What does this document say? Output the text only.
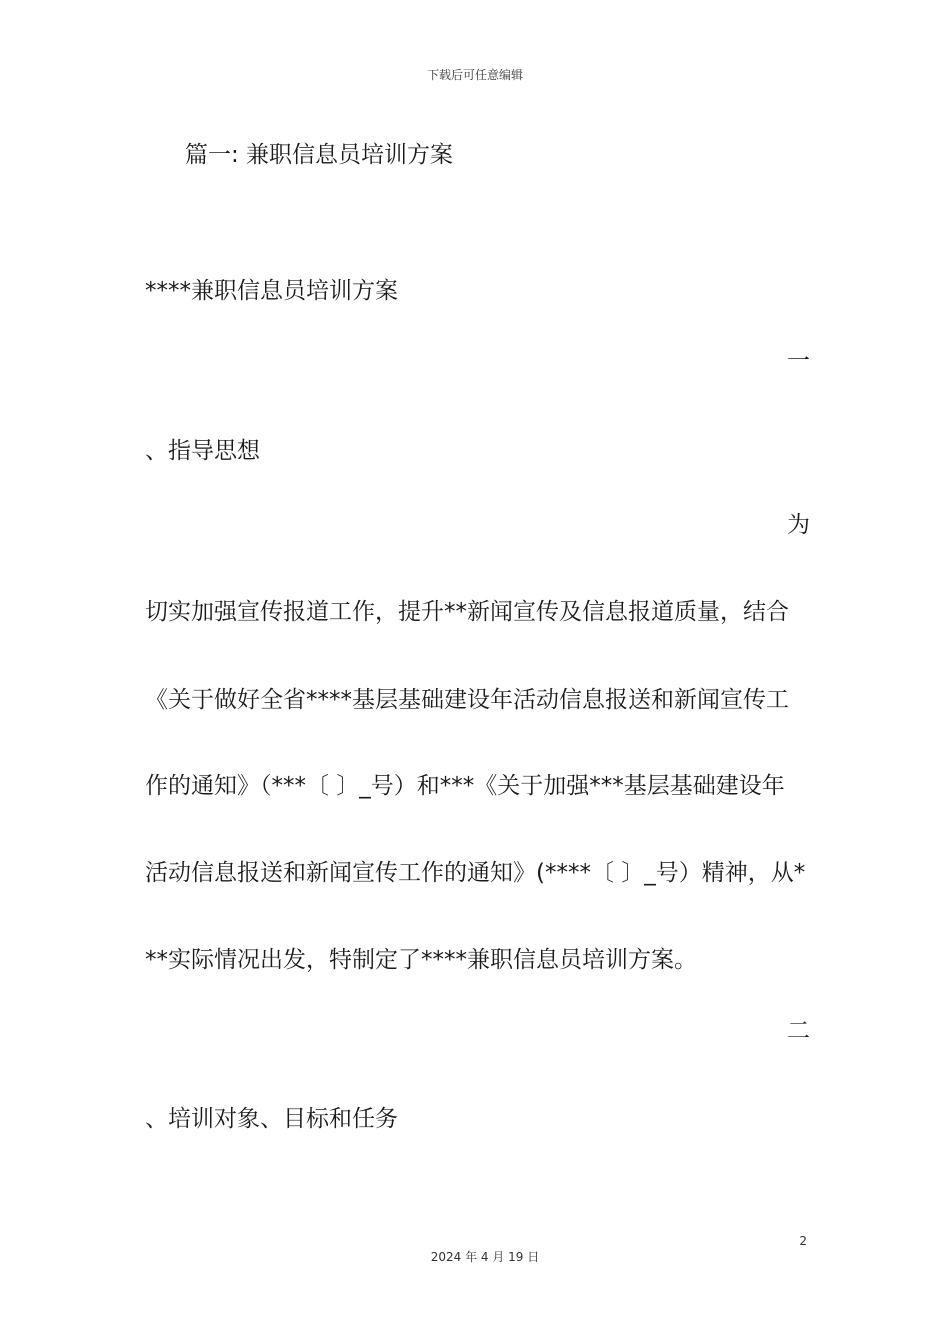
下载后可任意编辑
篇一: 兼职信息员培训方案
****兼职信息员培训方案
一
、指导思想
为
切实加强宣传报道工作，提升**新闻宣传及信息报道质量，结合
《关于做好全省****基层基础建设年活动信息报送和新闻宣传工
作的通知》（***〔 〕_号）和***《关于加强***基层基础建设年
活动信息报送和新闻宣传工作的通知》(****〔 〕_号）精神，从*
**实际情况出发，特制定了****兼职信息员培训方案。
二
、培训对象、目标和任务
2
2024 年 4 月 19 日
